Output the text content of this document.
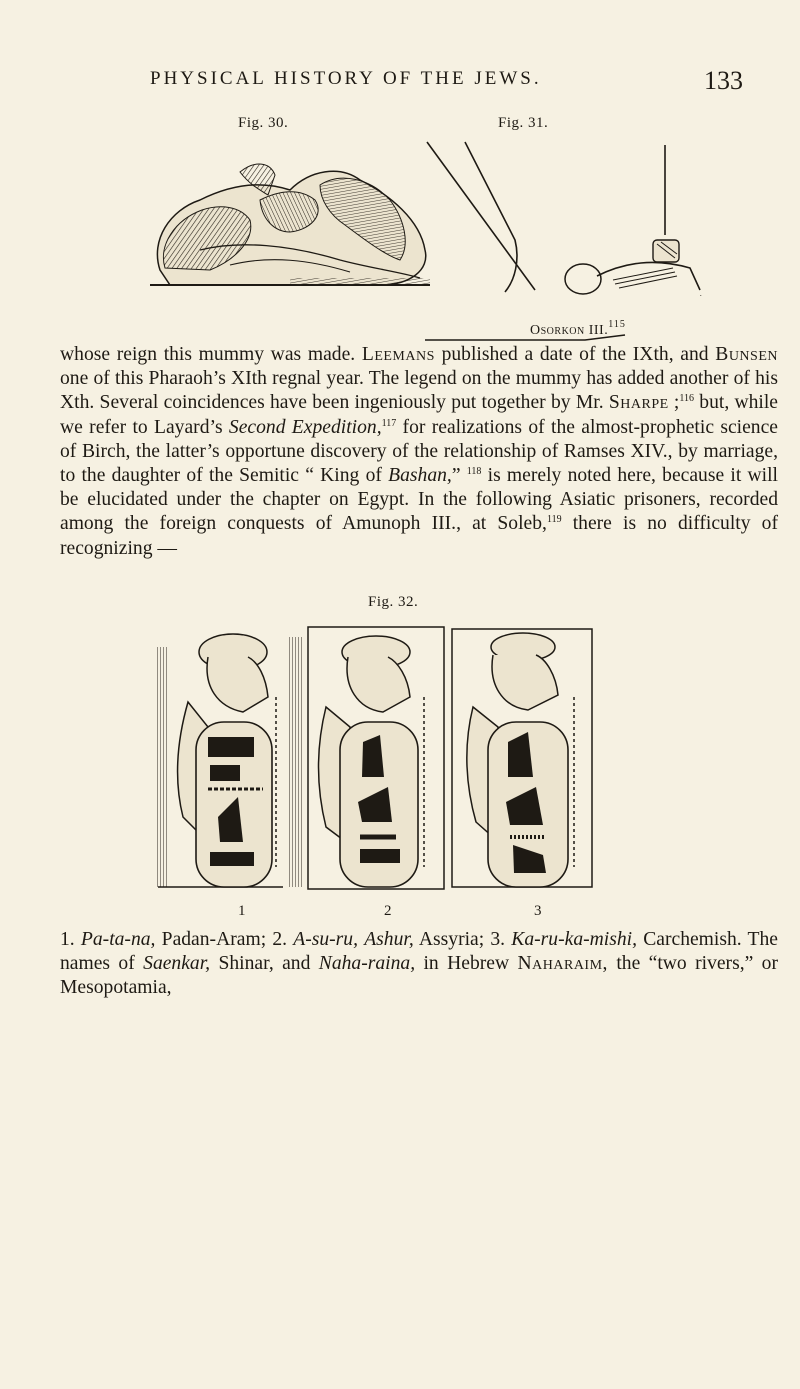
PHYSICAL HISTORY OF THE JEWS.	133
Fig. 30.	Fig. 31.
Osorkon III.$^{115}$

whose reign this mummy was made. Leemans published a date of the IXth, and Bunsen one of this Pharaoh’s XIth regnal year. The legend on the mummy has added another of his Xth. Several coincidences have been ingeniously put together by Mr. Sharpe ;$^{116}$ but, while we refer to Layard’s Second Expedition,$^{117}$ for realizations of the almost-prophetic science of Birch, the latter’s opportune discovery of the relationship of Ramses XIV., by marriage, to the daughter of the Semitic “ King of Bashan,” $^{118}$ is merely noted here, because it will be elucidated under the chapter on Egypt. In the following Asiatic prisoners, recorded among the foreign conquests of Amunoph III., at Soleb,$^{119}$ there is no difficulty of recognizing —

Fig. 32.
1	2	3

1. Pa-ta-na, Padan-Aram; 2. A-su-ru, Ashur, Assyria; 3. Ka-ru-ka-mishi, Carchemish. The names of Saenkar, Shinar, and Naha-raina, in Hebrew Naharaim, the “two rivers,” or Mesopotamia,
